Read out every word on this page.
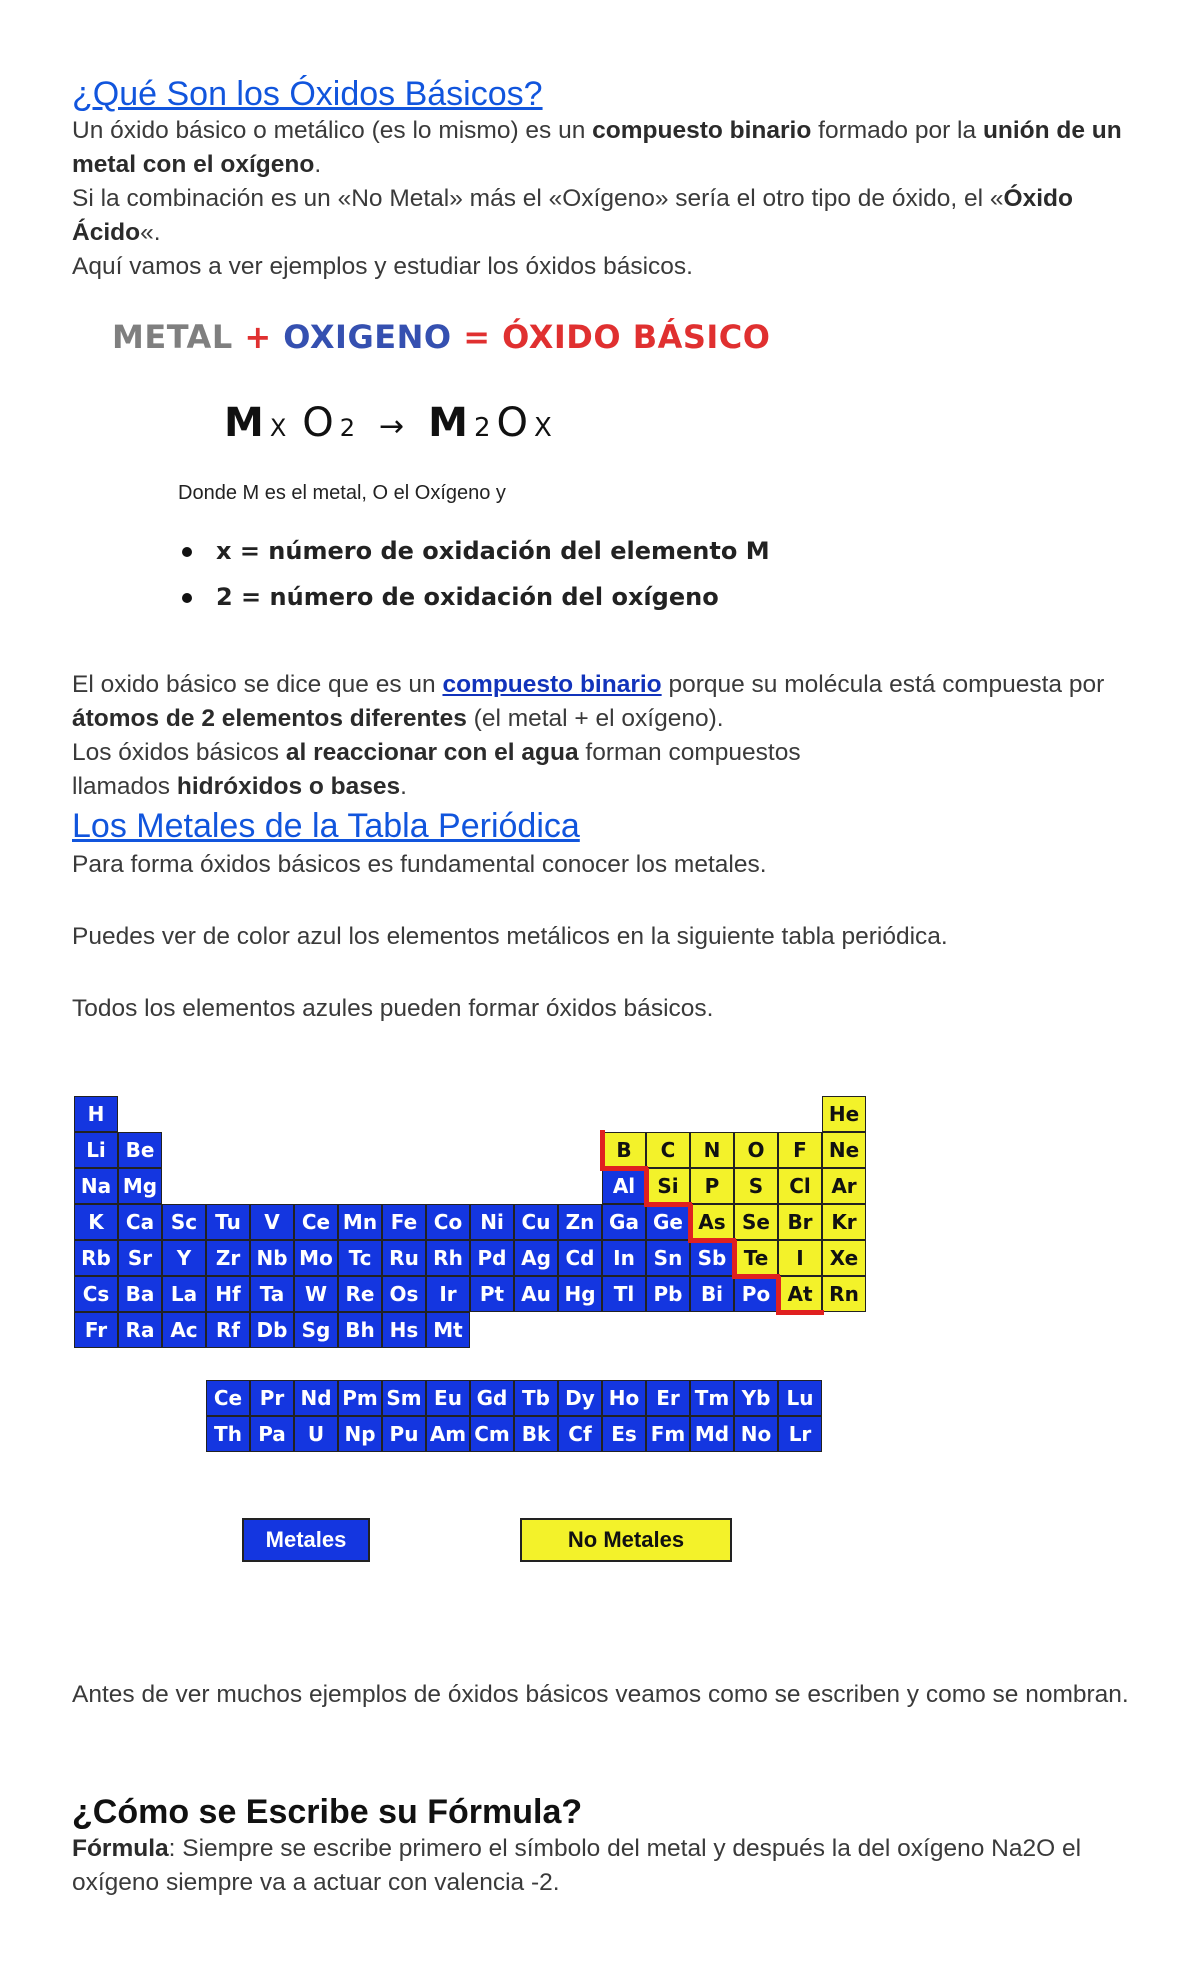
¿Qué Son los Óxidos Básicos?

Un óxido básico o metálico (es lo mismo) es un compuesto binario formado por la unión de un metal con el oxígeno.

Si la combinación es un «No Metal» más el «Oxígeno» sería el otro tipo de óxido, el «Óxido Ácido«.

Aquí vamos a ver ejemplos y estudiar los óxidos básicos.

METAL + OXIGENO = ÓXIDO BÁSICO
M X O 2 → M 2 O X
Donde M es el metal, O el Oxígeno y
x = número de oxidación del elemento M
2 = número de oxidación del oxígeno

El oxido básico se dice que es un compuesto binario porque su molécula está compuesta por átomos de 2 elementos diferentes (el metal + el oxígeno).

Los óxidos básicos al reaccionar con el agua forman compuestos
llamados hidróxidos o bases.

Los Metales de la Tabla Periódica

Para forma óxidos básicos es fundamental conocer los metales.

Puedes ver de color azul los elementos metálicos en la siguiente tabla periódica.

Todos los elementos azules pueden formar óxidos básicos.

H	He
Li Be	B	C	N	O	F	Ne
Na Mg	Al	Si	P	S	Cl	Ar
K	Ca Sc Tu	V	Ce Mn Fe Co Ni Cu Zn Ga Ge As Se Br Kr
Rb Sr	Y	Zr Nb Mo Tc Ru Rh Pd Ag Cd In Sn Sb Te	I	Xe
Cs Ba La Hf Ta	W Re Os	Ir	Pt Au Hg Tl Pb Bi Po At Rn
Fr Ra Ac Rf Db Sg Bh Hs Mt
Ce Pr Nd Pm Sm Eu Gd Tb Dy Ho Er Tm Yb Lu
Th Pa	U	Np Pu Am Cm Bk Cf Es Fm Md No Lr
Metales	No Metales

Antes de ver muchos ejemplos de óxidos básicos veamos como se escriben y como se nombran.

¿Cómo se Escribe su Fórmula?

Fórmula: Siempre se escribe primero el símbolo del metal y después la del oxígeno Na2O el oxígeno siempre va a actuar con valencia -2.
